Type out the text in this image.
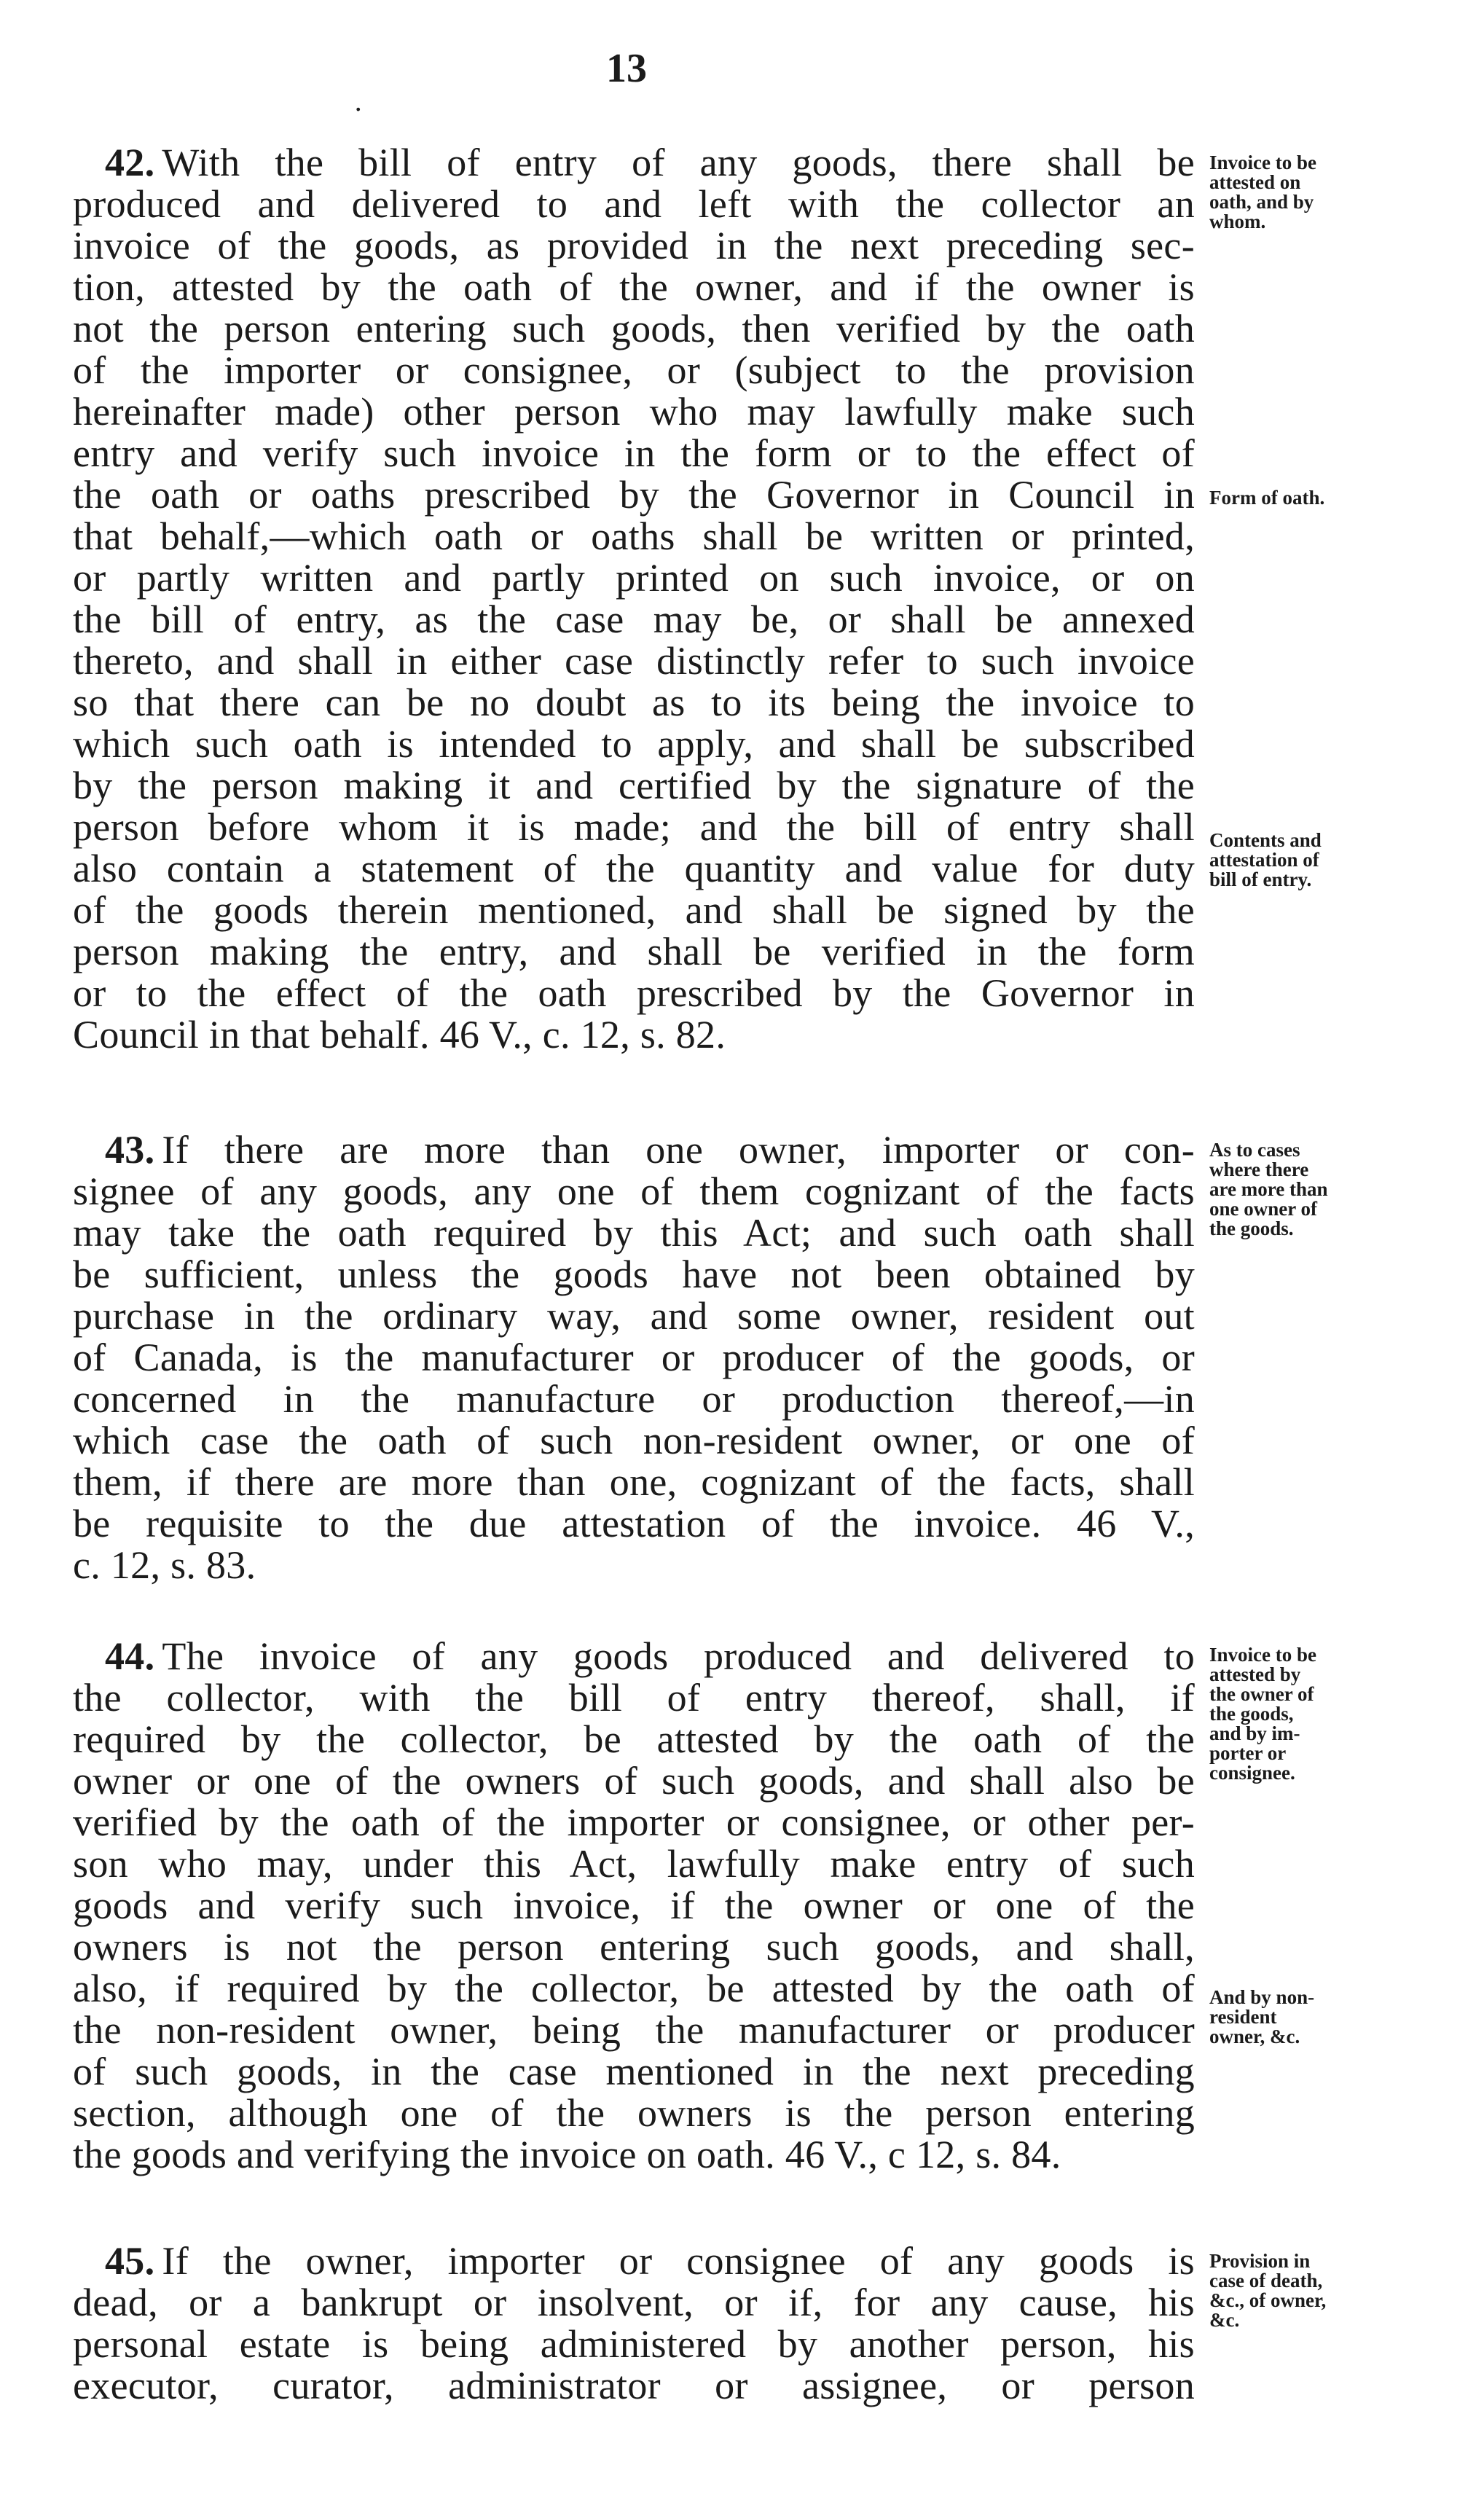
13
.
42. With the bill of entry of any goods, there shall be
produced and delivered to and left with the collector an
invoice of the goods, as provided in the next preceding sec-
tion, attested by the oath of the owner, and if the owner is
not the person entering such goods, then verified by the oath
of the importer or consignee, or (subject to the provision
hereinafter made) other person who may lawfully make such
entry and verify such invoice in the form or to the effect of
the oath or oaths prescribed by the Governor in Council in
that behalf,—which oath or oaths shall be written or printed,
or partly written and partly printed on such invoice, or on
the bill of entry, as the case may be, or shall be annexed
thereto, and shall in either case distinctly refer to such invoice
so that there can be no doubt as to its being the invoice to
which such oath is intended to apply, and shall be subscribed
by the person making it and certified by the signature of the
person before whom it is made; and the bill of entry shall
also contain a statement of the quantity and value for duty
of the goods therein mentioned, and shall be signed by the
person making the entry, and shall be verified in the form
or to the effect of the oath prescribed by the Governor in
Council in that behalf. 46 V., c. 12, s. 82.
43. If there are more than one owner, importer or con-
signee of any goods, any one of them cognizant of the facts
may take the oath required by this Act; and such oath shall
be sufficient, unless the goods have not been obtained by
purchase in the ordinary way, and some owner, resident out
of Canada, is the manufacturer or producer of the goods, or
concerned in the manufacture or production thereof,—in
which case the oath of such non-resident owner, or one of
them, if there are more than one, cognizant of the facts, shall
be requisite to the due attestation of the invoice. 46 V.,
c. 12, s. 83.
44. The invoice of any goods produced and delivered to
the collector, with the bill of entry thereof, shall, if
required by the collector, be attested by the oath of the
owner or one of the owners of such goods, and shall also be
verified by the oath of the importer or consignee, or other per-
son who may, under this Act, lawfully make entry of such
goods and verify such invoice, if the owner or one of the
owners is not the person entering such goods, and shall,
also, if required by the collector, be attested by the oath of
the non-resident owner, being the manufacturer or producer
of such goods, in the case mentioned in the next preceding
section, although one of the owners is the person entering
the goods and verifying the invoice on oath. 46 V., c 12, s. 84.
45. If the owner, importer or consignee of any goods is
dead, or a bankrupt or insolvent, or if, for any cause, his
personal estate is being administered by another person, his
executor, curator, administrator or assignee, or person
Invoice to be
attested on
oath, and by
whom.
Form of oath.
Contents and
attestation of
bill of entry.
As to cases
where there
are more than
one owner of
the goods.
Invoice to be
attested by
the owner of
the goods,
and by im-
porter or
consignee.
And by non-
resident
owner, &c.
Provision in
case of death,
&c., of owner,
&c.
